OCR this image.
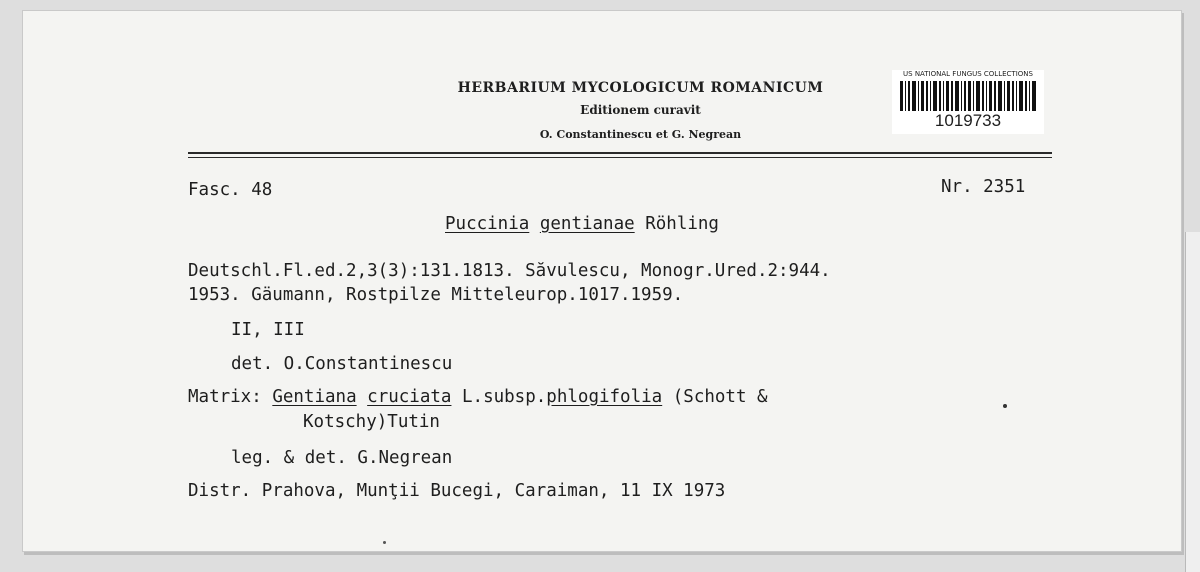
HERBARIUM MYCOLOGICUM ROMANICUM
Editionem curavit
O. Constantinescu et G. Negrean
US NATIONAL FUNGUS COLLECTIONS
1019733
Fasc. 48	Nr. 2351
Puccinia gentianae Röhling
Deutschl.Fl.ed.2,3(3):131.1813. Săvulescu, Monogr.Ured.2:944.
1953. Gäumann, Rostpilze Mitteleurop.1017.1959.
II, III
det. O.Constantinescu
Matrix: Gentiana cruciata L.subsp.phlogifolia (Schott &
Kotschy)Tutin
leg. & det. G.Negrean
Distr. Prahova, Munţii Bucegi, Caraiman, 11 IX 1973
